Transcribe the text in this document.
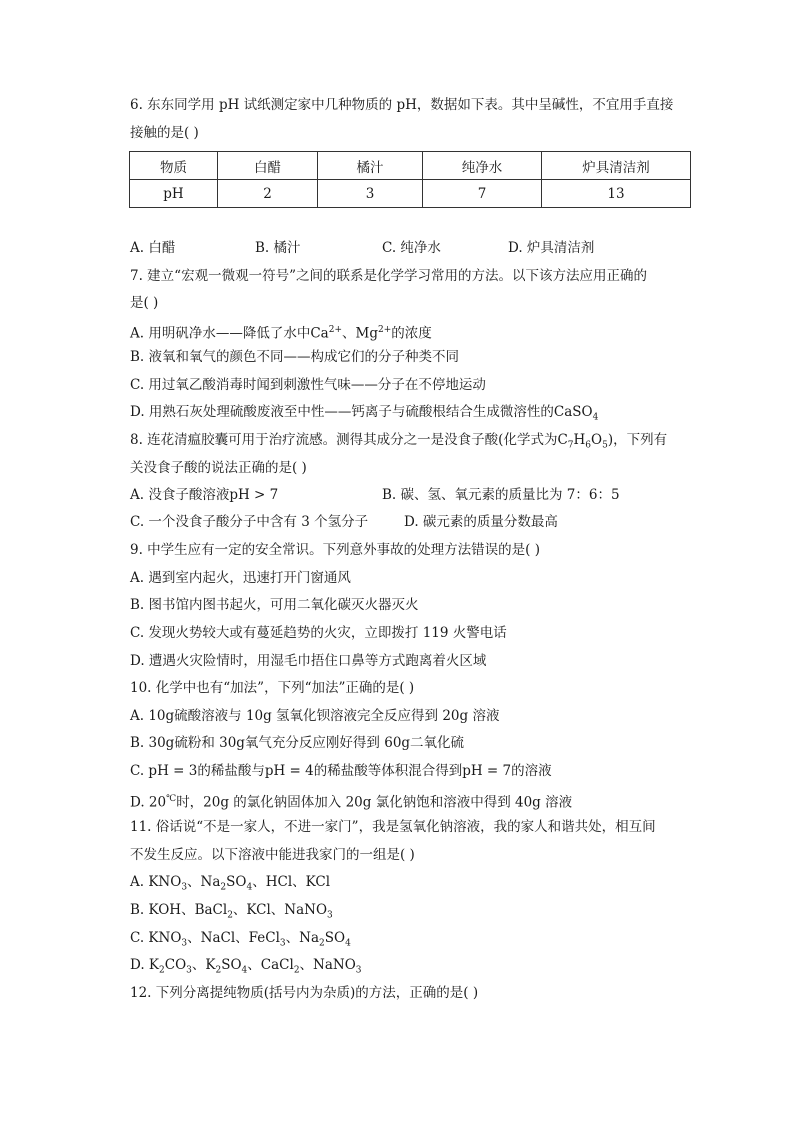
6. 东东同学用 pH 试纸测定家中几种物质的 pH，数据如下表。其中呈碱性，不宜用手直接
接触的是( )
物质	白醋	橘汁	纯净水	炉具清洁剂
pH	2	3	7	13
A. 白醋	B. 橘汁	C. 纯净水	D. 炉具清洁剂
7. 建立“宏观一微观一符号”之间的联系是化学学习常用的方法。以下该方法应用正确的
是( )
A. 用明矾净水——降低了水中$Ca^{2+}$、$Mg^{2+}$的浓度
B. 液氧和氧气的颜色不同——构成它们的分子种类不同
C. 用过氧乙酸消毒时闻到刺激性气味——分子在不停地运动
D. 用熟石灰处理硫酸废液至中性——钙离子与硫酸根结合生成微溶性的CaSO$_4$
8. 连花清瘟胶囊可用于治疗流感。测得其成分之一是没食子酸(化学式为$C_7H_6O_5$)，下列有
关没食子酸的说法正确的是( )
A. 没食子酸溶液pH > 7	B. 碳、氢、氧元素的质量比为 7：6：5
C. 一个没食子酸分子中含有 3 个氢分子	D. 碳元素的质量分数最高
9. 中学生应有一定的安全常识。下列意外事故的处理方法错误的是( )
A. 遇到室内起火，迅速打开门窗通风
B. 图书馆内图书起火，可用二氧化碳灭火器灭火
C. 发现火势较大或有蔓延趋势的火灾，立即拨打 119 火警电话
D. 遭遇火灾险情时，用湿毛巾捂住口鼻等方式跑离着火区域
10. 化学中也有“加法”，下列“加法”正确的是( )
A. 10g硫酸溶液与 10g 氢氧化钡溶液完全反应得到 20g 溶液
B. 30g硫粉和 30g氧气充分反应刚好得到 60g二氧化硫
C. pH = 3的稀盐酸与pH = 4的稀盐酸等体积混合得到pH = 7的溶液
D. 20℃时，20g 的氯化钠固体加入 20g 氯化钠饱和溶液中得到 40g 溶液
11. 俗话说“不是一家人，不进一家门”，我是氢氧化钠溶液，我的家人和谐共处，相互间
不发生反应。以下溶液中能进我家门的一组是( )
A. $KNO_3$、$Na_2SO_4$、HCl、KCl
B. KOH、BaCl$_2$、KCl、NaNO$_3$
C. $KNO_3$、NaCl、FeCl$_3$、$Na_2SO_4$
D. $K_2CO_3$、$K_2SO_4$、CaCl$_2$、NaNO$_3$
12. 下列分离提纯物质(括号内为杂质)的方法，正确的是( )
